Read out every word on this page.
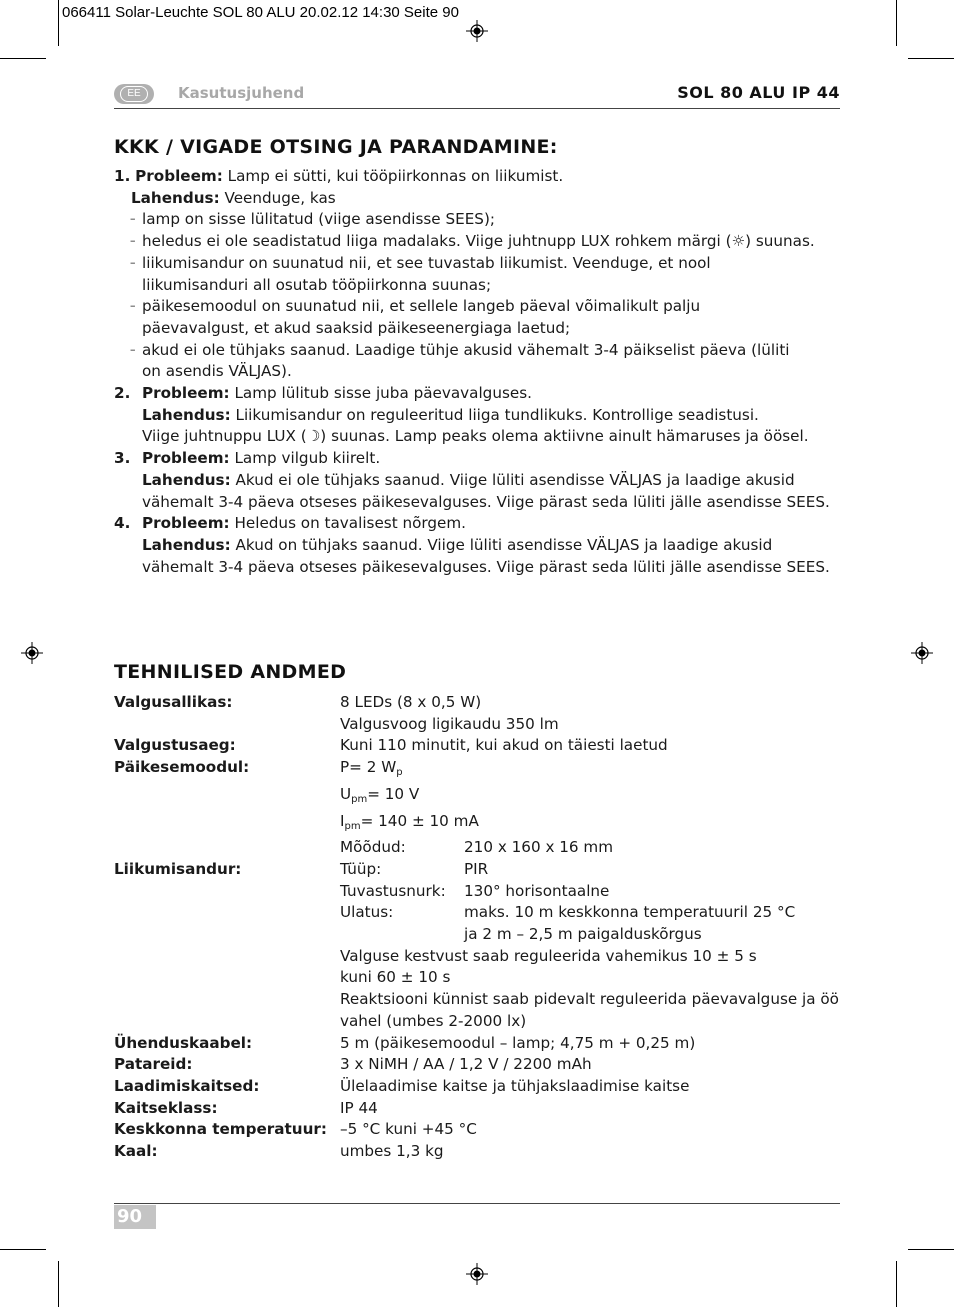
066411 Solar-Leuchte SOL 80 ALU 20.02.12 14:30 Seite 90
EE	Kasutusjuhend	SOL 80 ALU IP 44
KKK / VIGADE OTSING JA PARANDAMINE:
1. Probleem: Lamp ei sütti, kui tööpiirkonnas on liikumist.
Lahendus: Veenduge, kas
– lamp on sisse lülitatud (viige asendisse SEES);
– heledus ei ole seadistatud liiga madalaks. Viige juhtnupp LUX rohkem märgi (☼) suunas.
– liikumisandur on suunatud nii, et see tuvastab liikumist. Veenduge, et nool liikumisanduri all osutab tööpiirkonna suunas;
– päikesemoodul on suunatud nii, et sellele langeb päeval võimalikult palju päevavalgust, et akud saaksid päikeseenergiaga laetud;
– akud ei ole tühjaks saanud. Laadige tühje akusid vähemalt 3-4 päikselist päeva (lüliti on asendis VÄLJAS).
2. Probleem: Lamp lülitub sisse juba päevavalguses.
Lahendus: Liikumisandur on reguleeritud liiga tundlikuks. Kontrollige seadistusi.
Viige juhtnuppu LUX (☽) suunas. Lamp peaks olema aktiivne ainult hämaruses ja öösel.
3. Probleem: Lamp vilgub kiirelt.
Lahendus: Akud ei ole tühjaks saanud. Viige lüliti asendisse VÄLJAS ja laadige akusid vähemalt 3-4 päeva otseses päikesevalguses. Viige pärast seda lüliti jälle asendisse SEES.
4. Probleem: Heledus on tavalisest nõrgem.
Lahendus: Akud on tühjaks saanud. Viige lüliti asendisse VÄLJAS ja laadige akusid vähemalt 3-4 päeva otseses päikesevalguses. Viige pärast seda lüliti jälle asendisse SEES.
TEHNILISED ANDMED
Valgusallikas:	8 LEDs (8 x 0,5 W)
Valgusvoog ligikaudu 350 lm
Valgustusaeg:	Kuni 110 minutit, kui akud on täiesti laetud
Päikesemoodul:	P= 2 $W_p$
$U_{pm}= 10$ V
$I_{pm}= 140 \pm 10$ mA
Mõõdud:	210 x 160 x 16 mm
Liikumisandur:	Tüüp:	PIR
Tuvastusnurk:	130° horisontaalne
Ulatus:	maks. 10 m keskkonna temperatuuril 25 °C
ja 2 m – 2,5 m paigalduskõrgus
Valguse kestvust saab reguleerida vahemikus 10 ± 5 s
kuni 60 ± 10 s
Reaktsiooni künnist saab pidevalt reguleerida päevavalguse ja öö vahel (umbes 2-2000 lx)
Ühenduskaabel:	5 m (päikesemoodul – lamp; 4,75 m + 0,25 m)
Patareid:	3 x NiMH / AA / 1,2 V / 2200 mAh
Laadimiskaitsed:	Ülelaadimise kaitse ja tühjakslaadimise kaitse
Kaitseklass:	IP 44
Keskkonna temperatuur: –5 °C kuni +45 °C
Kaal:	umbes 1,3 kg
90
